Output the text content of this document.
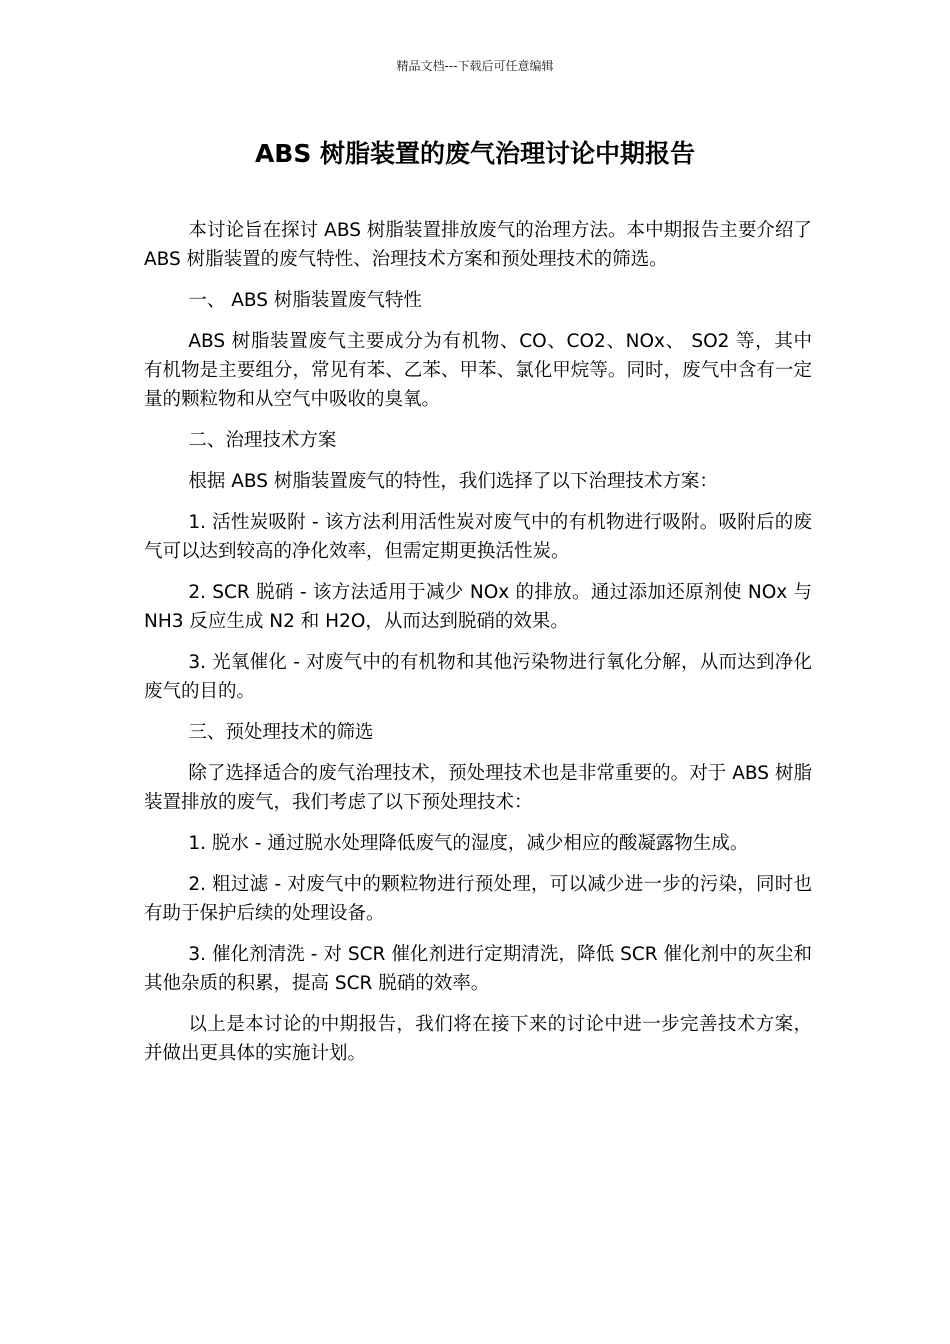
精品文档---下载后可任意编辑
ABS 树脂装置的废气治理讨论中期报告

本讨论旨在探讨 ABS 树脂装置排放废气的治理方法。本中期报告主要介绍了 ABS 树脂装置的废气特性、治理技术方案和预处理技术的筛选。

一、 ABS 树脂装置废气特性

ABS 树脂装置废气主要成分为有机物、CO、CO2、NOx、 SO2 等，其中有机物是主要组分，常见有苯、乙苯、甲苯、氯化甲烷等。同时，废气中含有一定量的颗粒物和从空气中吸收的臭氧。

二、治理技术方案

根据 ABS 树脂装置废气的特性，我们选择了以下治理技术方案：

1. 活性炭吸附 - 该方法利用活性炭对废气中的有机物进行吸附。吸附后的废气可以达到较高的净化效率，但需定期更换活性炭。

2. SCR 脱硝 - 该方法适用于减少 NOx 的排放。通过添加还原剂使 NOx 与 NH3 反应生成 N2 和 H2O，从而达到脱硝的效果。

3. 光氧催化 - 对废气中的有机物和其他污染物进行氧化分解，从而达到净化废气的目的。

三、预处理技术的筛选

除了选择适合的废气治理技术，预处理技术也是非常重要的。对于 ABS 树脂装置排放的废气，我们考虑了以下预处理技术：

1. 脱水 - 通过脱水处理降低废气的湿度，减少相应的酸凝露物生成。

2. 粗过滤 - 对废气中的颗粒物进行预处理，可以减少进一步的污染，同时也有助于保护后续的处理设备。

3. 催化剂清洗 - 对 SCR 催化剂进行定期清洗，降低 SCR 催化剂中的灰尘和其他杂质的积累，提高 SCR 脱硝的效率。

以上是本讨论的中期报告，我们将在接下来的讨论中进一步完善技术方案，并做出更具体的实施计划。
